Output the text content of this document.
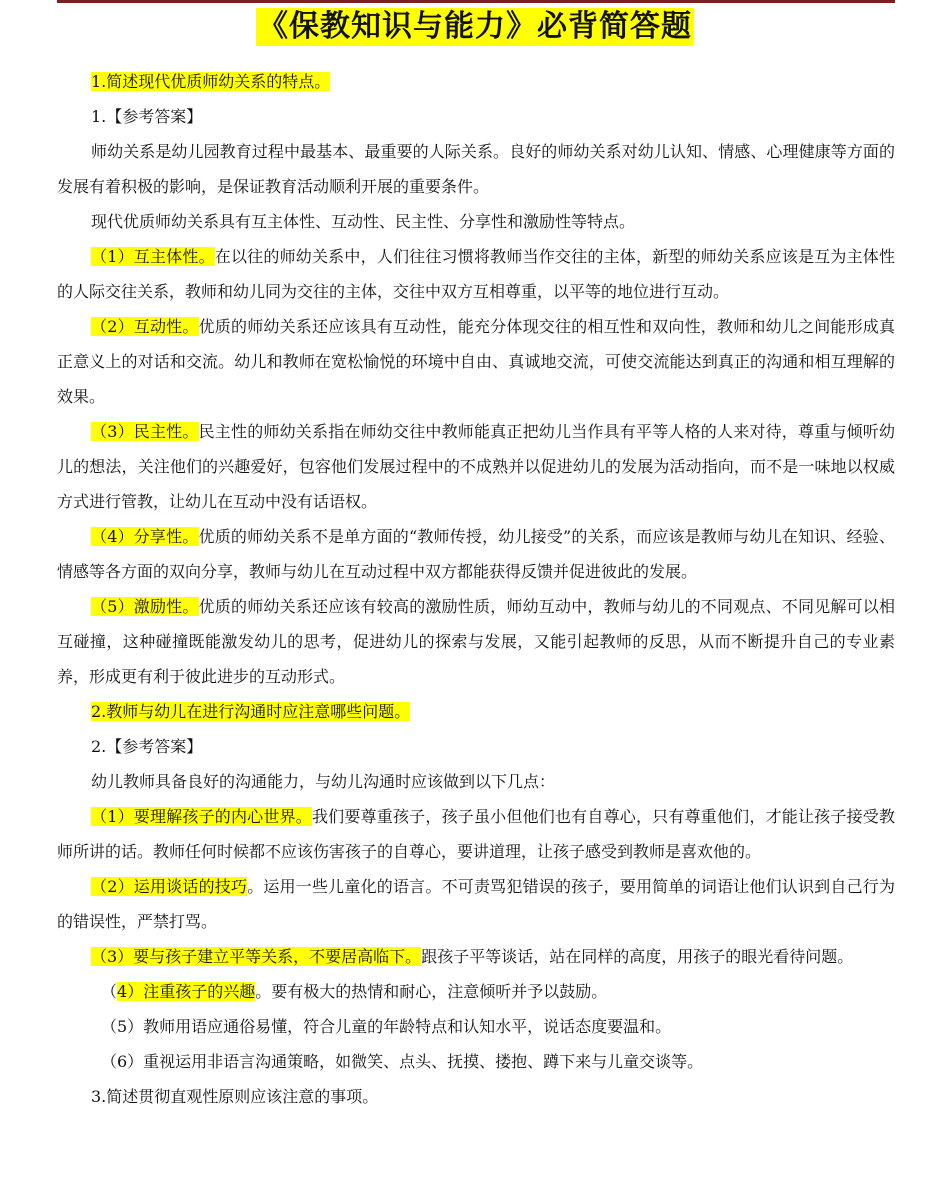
《保教知识与能力》必背简答题

1.简述现代优质师幼关系的特点。

1.【参考答案】

师幼关系是幼儿园教育过程中最基本、最重要的人际关系。良好的师幼关系对幼儿认知、情感、心理健康等方面的发展有着积极的影响，是保证教育活动顺利开展的重要条件。

现代优质师幼关系具有互主体性、互动性、民主性、分享性和激励性等特点。

（1）互主体性。在以往的师幼关系中，人们往往习惯将教师当作交往的主体，新型的师幼关系应该是互为主体性的人际交往关系，教师和幼儿同为交往的主体，交往中双方互相尊重，以平等的地位进行互动。

（2）互动性。优质的师幼关系还应该具有互动性，能充分体现交往的相互性和双向性，教师和幼儿之间能形成真正意义上的对话和交流。幼儿和教师在宽松愉悦的环境中自由、真诚地交流，可使交流能达到真正的沟通和相互理解的效果。

（3）民主性。民主性的师幼关系指在师幼交往中教师能真正把幼儿当作具有平等人格的人来对待，尊重与倾听幼儿的想法，关注他们的兴趣爱好，包容他们发展过程中的不成熟并以促进幼儿的发展为活动指向，而不是一味地以权威方式进行管教，让幼儿在互动中没有话语权。

（4）分享性。优质的师幼关系不是单方面的“教师传授，幼儿接受”的关系，而应该是教师与幼儿在知识、经验、情感等各方面的双向分享，教师与幼儿在互动过程中双方都能获得反馈并促进彼此的发展。

（5）激励性。优质的师幼关系还应该有较高的激励性质，师幼互动中，教师与幼儿的不同观点、不同见解可以相互碰撞，这种碰撞既能激发幼儿的思考，促进幼儿的探索与发展，又能引起教师的反思，从而不断提升自己的专业素养，形成更有利于彼此进步的互动形式。

2.教师与幼儿在进行沟通时应注意哪些问题。

2.【参考答案】

幼儿教师具备良好的沟通能力，与幼儿沟通时应该做到以下几点：

（1）要理解孩子的内心世界。我们要尊重孩子，孩子虽小但他们也有自尊心，只有尊重他们，才能让孩子接受教师所讲的话。教师任何时候都不应该伤害孩子的自尊心，要讲道理，让孩子感受到教师是喜欢他的。

（2）运用谈话的技巧。运用一些儿童化的语言。不可责骂犯错误的孩子，要用简单的词语让他们认识到自己行为的错误性，严禁打骂。

（3）要与孩子建立平等关系，不要居高临下。跟孩子平等谈话，站在同样的高度，用孩子的眼光看待问题。

（4）注重孩子的兴趣。要有极大的热情和耐心，注意倾听并予以鼓励。

（5）教师用语应通俗易懂，符合儿童的年龄特点和认知水平，说话态度要温和。

（6）重视运用非语言沟通策略，如微笑、点头、抚摸、搂抱、蹲下来与儿童交谈等。

3.简述贯彻直观性原则应该注意的事项。
